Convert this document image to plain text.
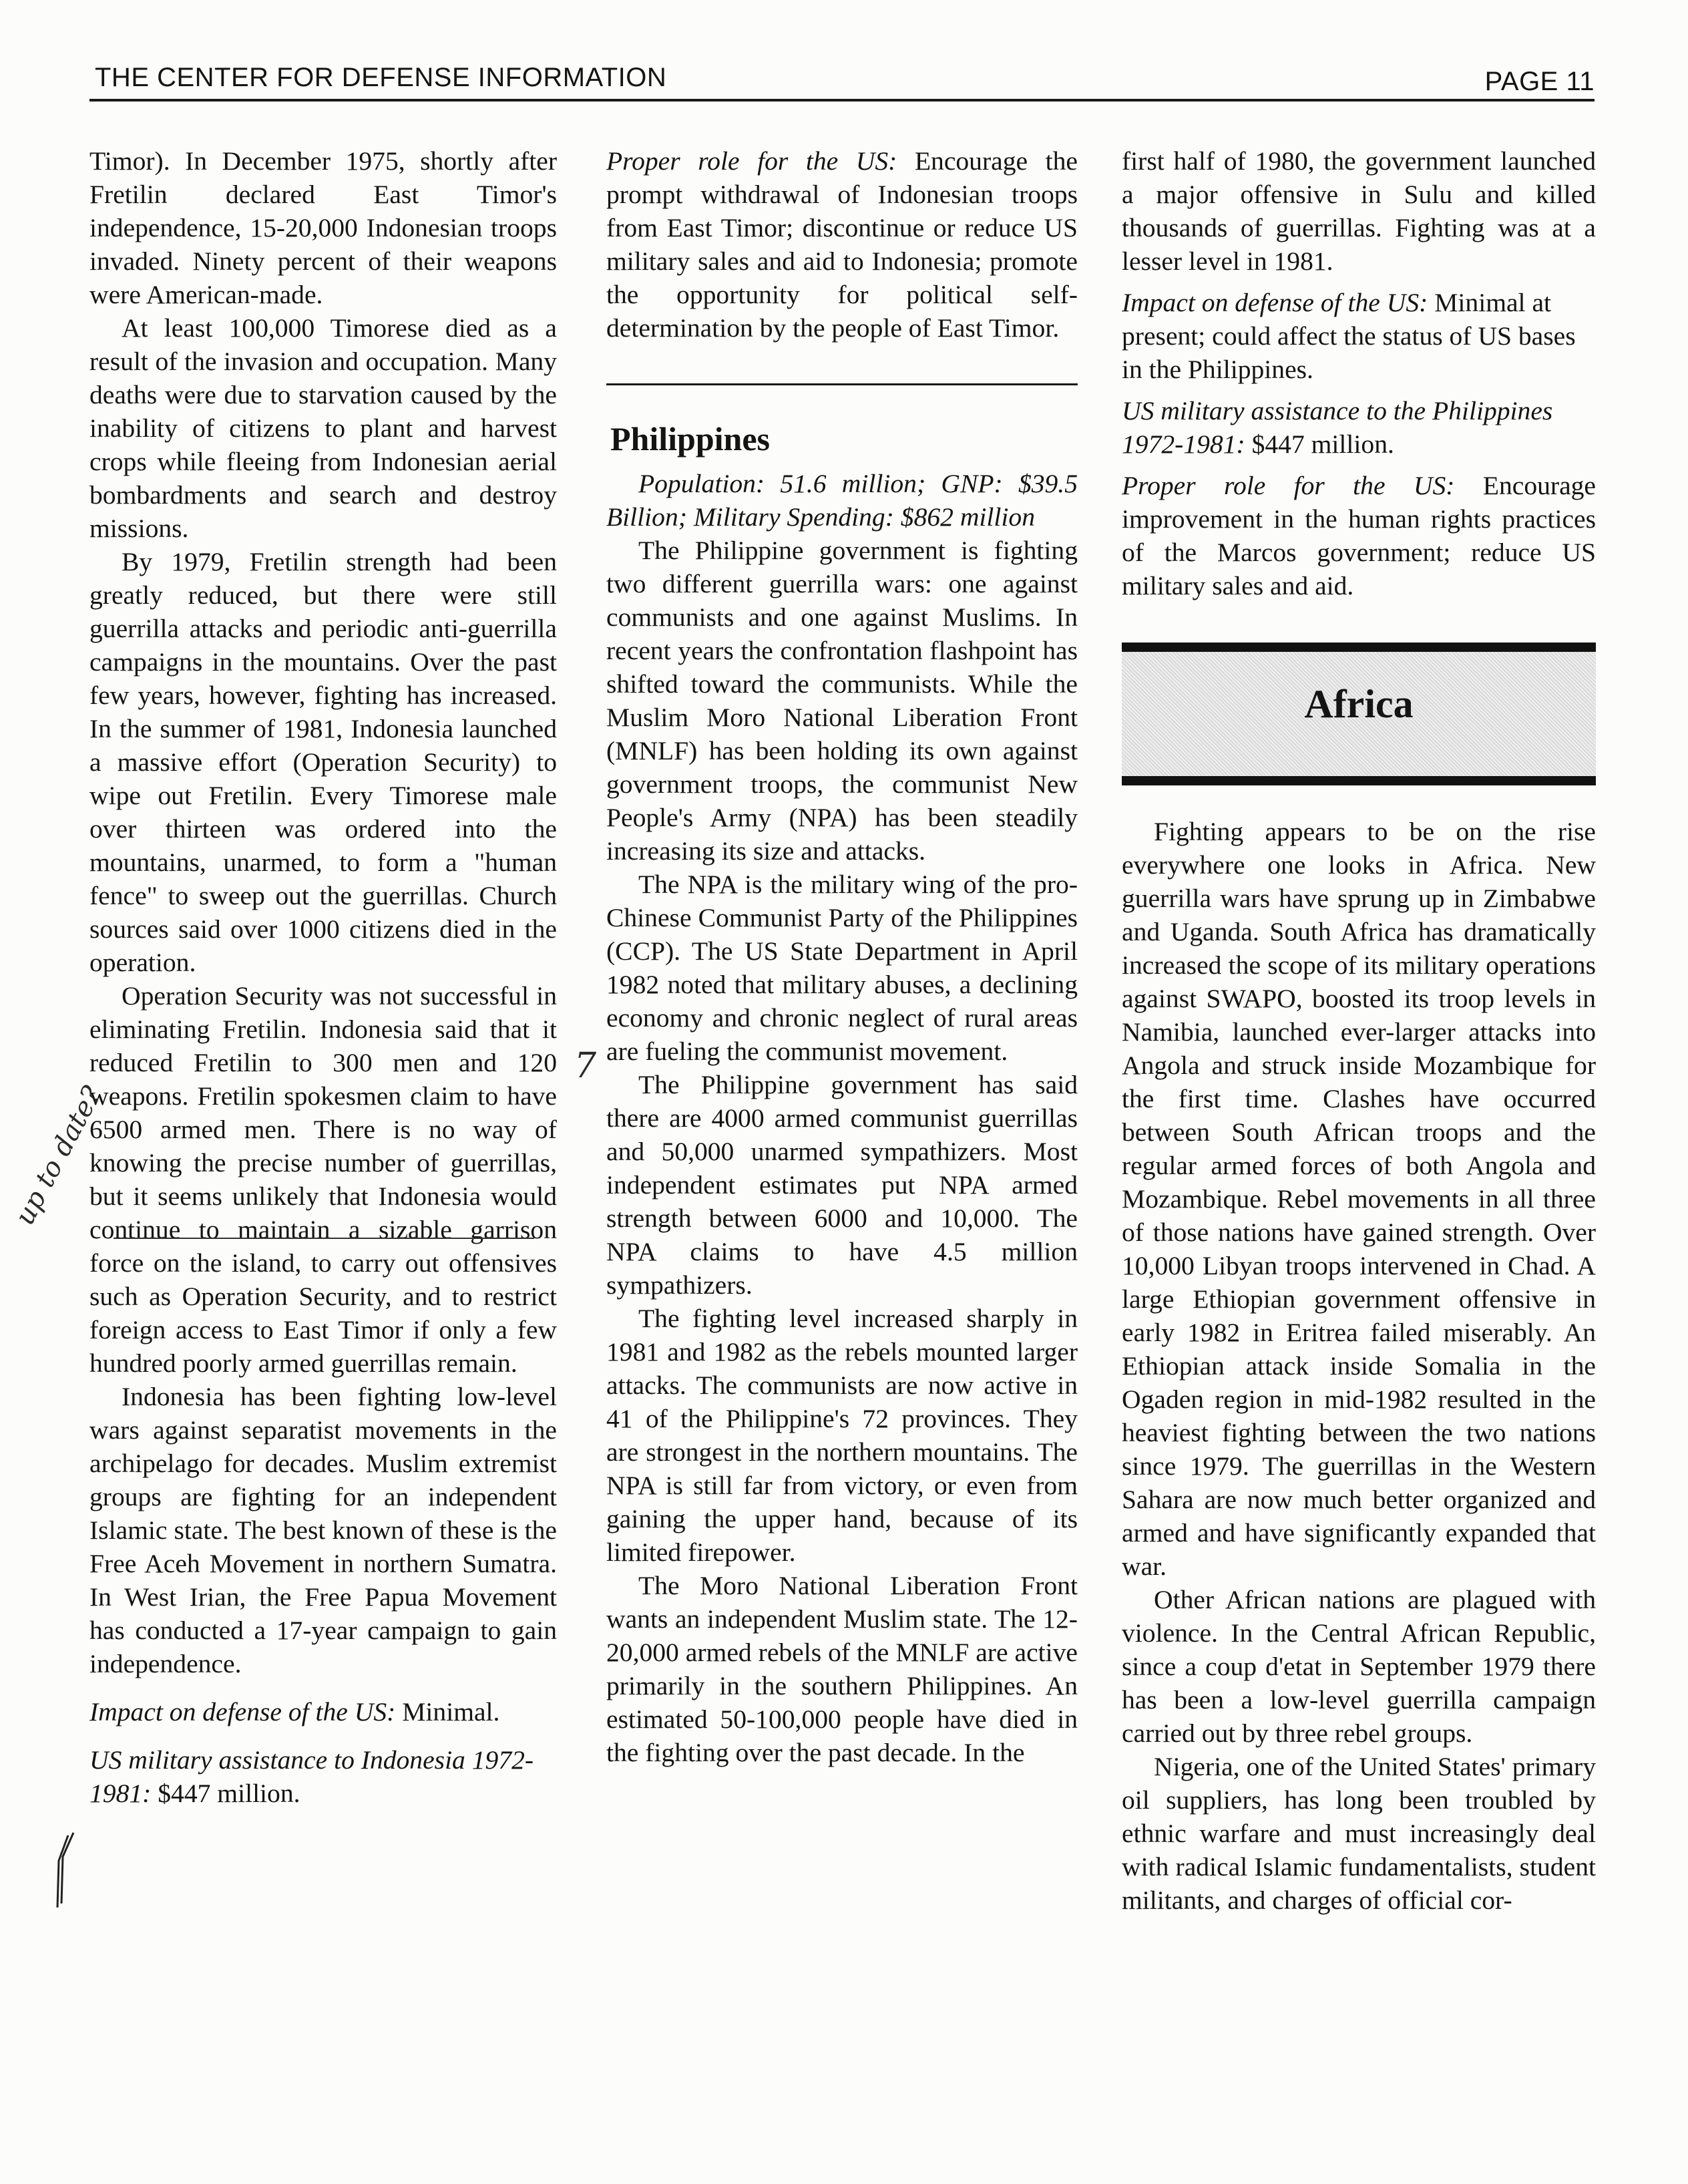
THE CENTER FOR DEFENSE INFORMATION	PAGE 11

Timor). In December 1975, shortly after Fretilin declared East Timor's independence, 15-20,000 Indonesian troops invaded. Ninety percent of their weapons were American-made.

At least 100,000 Timorese died as a result of the invasion and occupation. Many deaths were due to starvation caused by the inability of citizens to plant and harvest crops while fleeing from Indonesian aerial bombardments and search and destroy missions.

By 1979, Fretilin strength had been greatly reduced, but there were still guerrilla attacks and periodic anti-guerrilla campaigns in the mountains. Over the past few years, however, fighting has increased. In the summer of 1981, Indonesia launched a massive effort (Operation Security) to wipe out Fretilin. Every Timorese male over thirteen was ordered into the mountains, unarmed, to form a "human fence" to sweep out the guerrillas. Church sources said over 1000 citizens died in the operation.

Operation Security was not successful in eliminating Fretilin. Indonesia said that it reduced Fretilin to 300 men and 120 weapons. Fretilin spokesmen claim to have 6500 armed men. There is no way of knowing the precise number of guerrillas, but it seems unlikely that Indonesia would continue to maintain a sizable garrison force on the island, to carry out offensives such as Operation Security, and to restrict foreign access to East Timor if only a few hundred poorly armed guerrillas remain.

Indonesia has been fighting low-level wars against separatist movements in the archipelago for decades. Muslim extremist groups are fighting for an independent Islamic state. The best known of these is the Free Aceh Movement in northern Sumatra. In West Irian, the Free Papua Movement has conducted a 17-year campaign to gain independence.

Impact on defense of the US: Minimal.

US military assistance to Indonesia 1972-1981: $447 million.

Proper role for the US: Encourage the prompt withdrawal of Indonesian troops from East Timor; discontinue or reduce US military sales and aid to Indonesia; promote the opportunity for political self-determination by the people of East Timor.

Philippines

Population: 51.6 million; GNP: $39.5 Billion; Military Spending: $862 million

The Philippine government is fighting two different guerrilla wars: one against communists and one against Muslims. In recent years the confrontation flashpoint has shifted toward the communists. While the Muslim Moro National Liberation Front (MNLF) has been holding its own against government troops, the communist New People's Army (NPA) has been steadily increasing its size and attacks.

The NPA is the military wing of the pro-Chinese Communist Party of the Philippines (CCP). The US State Department in April 1982 noted that military abuses, a declining economy and chronic neglect of rural areas are fueling the communist movement.

The Philippine government has said there are 4000 armed communist guerrillas and 50,000 unarmed sympathizers. Most independent estimates put NPA armed strength between 6000 and 10,000. The NPA claims to have 4.5 million sympathizers.

The fighting level increased sharply in 1981 and 1982 as the rebels mounted larger attacks. The communists are now active in 41 of the Philippine's 72 provinces. They are strongest in the northern mountains. The NPA is still far from victory, or even from gaining the upper hand, because of its limited firepower.

The Moro National Liberation Front wants an independent Muslim state. The 12-20,000 armed rebels of the MNLF are active primarily in the southern Philippines. An estimated 50-100,000 people have died in the fighting over the past decade. In the

first half of 1980, the government launched a major offensive in Sulu and killed thousands of guerrillas. Fighting was at a lesser level in 1981.

Impact on defense of the US: Minimal at present; could affect the status of US bases in the Philippines.

US military assistance to the Philippines 1972-1981: $447 million.

Proper role for the US: Encourage improvement in the human rights practices of the Marcos government; reduce US military sales and aid.

Africa

Fighting appears to be on the rise everywhere one looks in Africa. New guerrilla wars have sprung up in Zimbabwe and Uganda. South Africa has dramatically increased the scope of its military operations against SWAPO, boosted its troop levels in Namibia, launched ever-larger attacks into Angola and struck inside Mozambique for the first time. Clashes have occurred between South African troops and the regular armed forces of both Angola and Mozambique. Rebel movements in all three of those nations have gained strength. Over 10,000 Libyan troops intervened in Chad. A large Ethiopian government offensive in early 1982 in Eritrea failed miserably. An Ethiopian attack inside Somalia in the Ogaden region in mid-1982 resulted in the heaviest fighting between the two nations since 1979. The guerrillas in the Western Sahara are now much better organized and armed and have significantly expanded that war.

Other African nations are plagued with violence. In the Central African Republic, since a coup d'etat in September 1979 there has been a low-level guerrilla campaign carried out by three rebel groups.

Nigeria, one of the United States' primary oil suppliers, has long been troubled by ethnic warfare and must increasingly deal with radical Islamic fundamentalists, student militants, and charges of official cor-

up to date?
7
